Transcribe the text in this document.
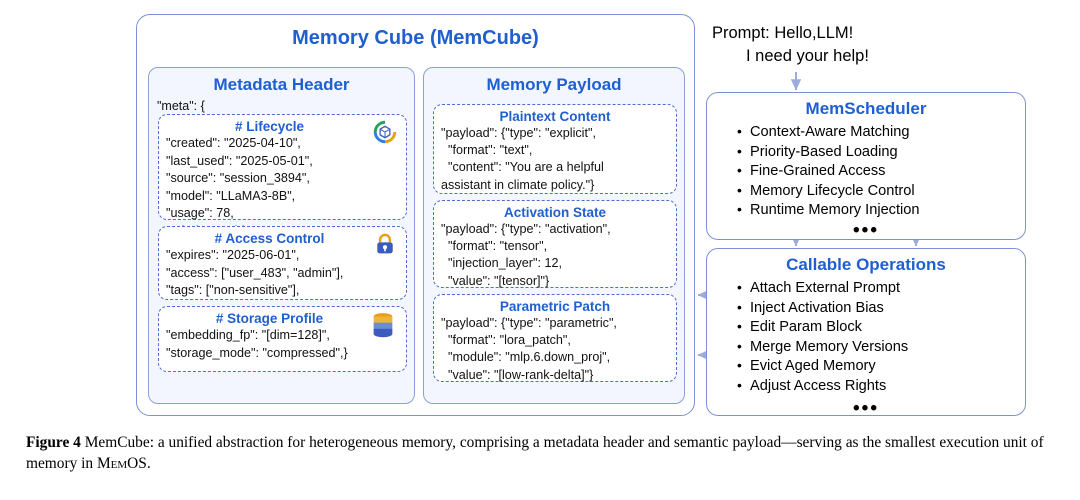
Memory Cube (MemCube)
Metadata Header
"meta": {
# Lifecycle
"created": "2025-04-10",
"last_used": "2025-05-01",
"source": "session_3894",
"model": "LLaMA3-8B",
"usage": 78,
# Access Control
"expires": "2025-06-01",
"access": ["user_483", "admin"],
"tags": ["non-sensitive"],
# Storage Profile
"embedding_fp": "[dim=128]",
"storage_mode": "compressed",}
Memory Payload
Plaintext Content
"payload": {"type": "explicit",
"format": "text",
"content": "You are a helpful
assistant in climate policy."}
Activation State
"payload": {"type": "activation",
"format": "tensor",
"injection_layer": 12,
"value": "[tensor]"}
Parametric Patch
"payload": {"type": "parametric",
"format": "lora_patch",
"module": "mlp.6.down_proj",
"value": "[low-rank-delta]"}
Prompt: Hello,LLM!
I need your help!
MemScheduler
• Context-Aware Matching
• Priority-Based Loading
• Fine-Grained Access
• Memory Lifecycle Control
• Runtime Memory Injection
•••
Callable Operations
• Attach External Prompt
• Inject Activation Bias
• Edit Param Block
• Merge Memory Versions
• Evict Aged Memory
• Adjust Access Rights
•••
Figure 4 MemCube: a unified abstraction for heterogeneous memory, comprising a metadata header and semantic payload—serving as the smallest execution unit of memory in MemOS.
